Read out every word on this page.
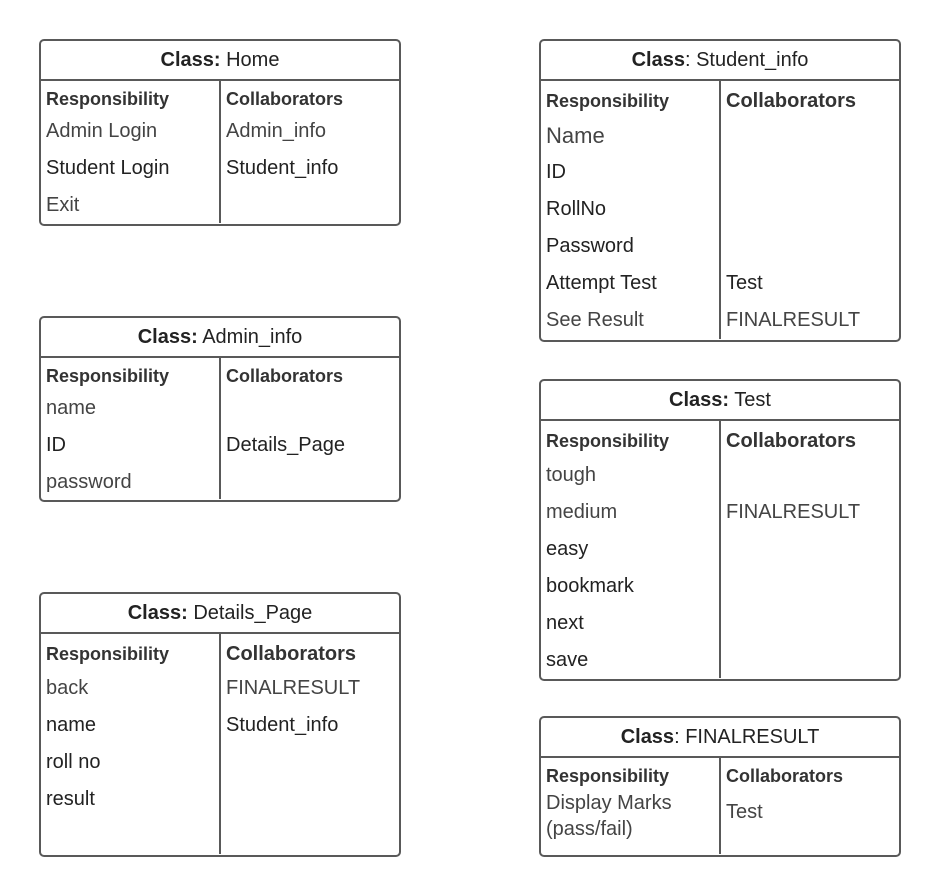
Class: Home
Responsibility
Admin Login
Student Login
Exit
Collaborators
Admin_info
Student_info
Class: Admin_info
Responsibility
name
ID
password
Collaborators
Details_Page
Class: Details_Page
Responsibility
back
name
roll no
result
Collaborators
FINALRESULT
Student_info
Class: Student_info
Responsibility
Name
ID
RollNo
Password
Attempt Test
See Result
Collaborators
Test
FINALRESULT
Class: Test
Responsibility
tough
medium
easy
bookmark
next
save
Collaborators
FINALRESULT
Class: FINALRESULT
Responsibility
Display Marks (pass/fail)
Collaborators
Test
